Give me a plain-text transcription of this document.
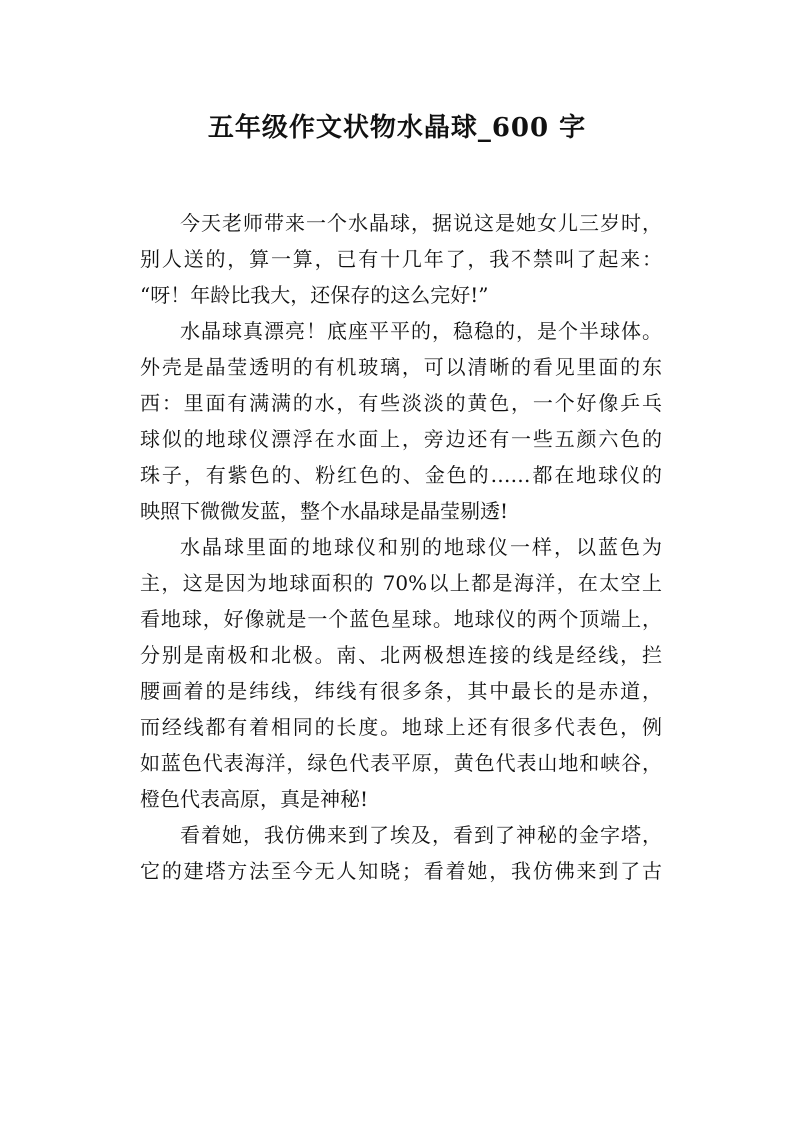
五年级作文状物水晶球_600 字
今天老师带来一个水晶球，据说这是她女儿三岁时，
别人送的，算一算，已有十几年了，我不禁叫了起来：
“呀！年龄比我大，还保存的这么完好!”
水晶球真漂亮！底座平平的，稳稳的，是个半球体。
外壳是晶莹透明的有机玻璃，可以清晰的看见里面的东
西：里面有满满的水，有些淡淡的黄色，一个好像乒乓
球似的地球仪漂浮在水面上，旁边还有一些五颜六色的
珠子，有紫色的、粉红色的、金色的……都在地球仪的
映照下微微发蓝，整个水晶球是晶莹剔透!
水晶球里面的地球仪和别的地球仪一样，以蓝色为
主，这是因为地球面积的 70%以上都是海洋，在太空上
看地球，好像就是一个蓝色星球。地球仪的两个顶端上，
分别是南极和北极。南、北两极想连接的线是经线，拦
腰画着的是纬线，纬线有很多条，其中最长的是赤道，
而经线都有着相同的长度。地球上还有很多代表色，例
如蓝色代表海洋，绿色代表平原，黄色代表山地和峡谷，
橙色代表高原，真是神秘!
看着她，我仿佛来到了埃及，看到了神秘的金字塔，
它的建塔方法至今无人知晓；看着她，我仿佛来到了古
